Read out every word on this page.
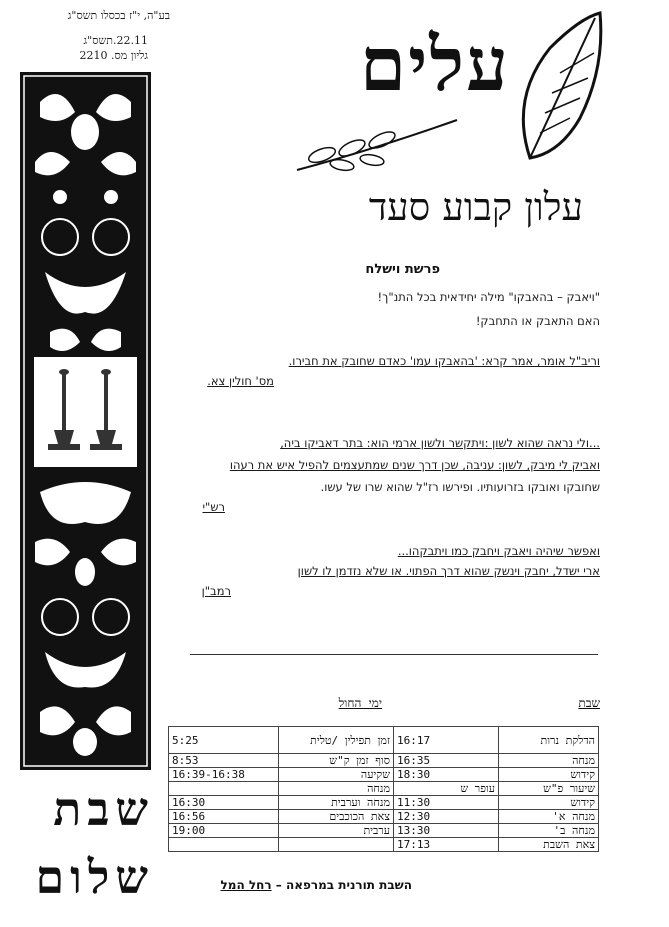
בע"ה, י"ז בכסלו תשס"ג
22.11.תשס"ג
גליון מס. 2210
שבת
שלום
עלים
עלון קבוע סעד
פרשת וישלח
"ויאבק – בהאבקו" מילה יחידאית בכל התנ"ך!
האם התאבק או התחבק!
וריב"ל אומר, אמר קרא: 'בהאבקו עמו' כאדם שחובק את חבירו.
מס' חולין צא.
...ולי נראה שהוא לשון :ויתקשר ולשון ארמי הוא: בתר דאביקו ביה,
ואביק לי מיבק, לשון: עניבה, שכן דרך שנים שמתעצמים להפיל איש את רעהו
שחובקו ואובקו בזרועותיו. ופירשו רז"ל שהוא שרו של עשו.
רש"י
ואפשר שיהיה ויאבק ויחבק כמו ויתבקהו...
ארי ישדל, יחבק וינשק שהוא דרך הפתוי. או שלא נזדמן לו לשון
רמב"ן
שבת
ימי החול
5:25	זמן תפילין /טלית	16:17	הדלקת נרות
8:53	סוף זמן ק"ש	16:35	מנחה
16:39-16:38	שקיעה	18:30	קידוש
	מנחה	עופר ש	שיעור פ"ש
16:30	מנחה וערבית	11:30	קידוש
16:56	צאת הכוכבים	12:30	מנחה א'
19:00	ערבית	13:30	מנחה ב'
		17:13	צאת השבת
השבת תורנית במרפאה – רחל המל
